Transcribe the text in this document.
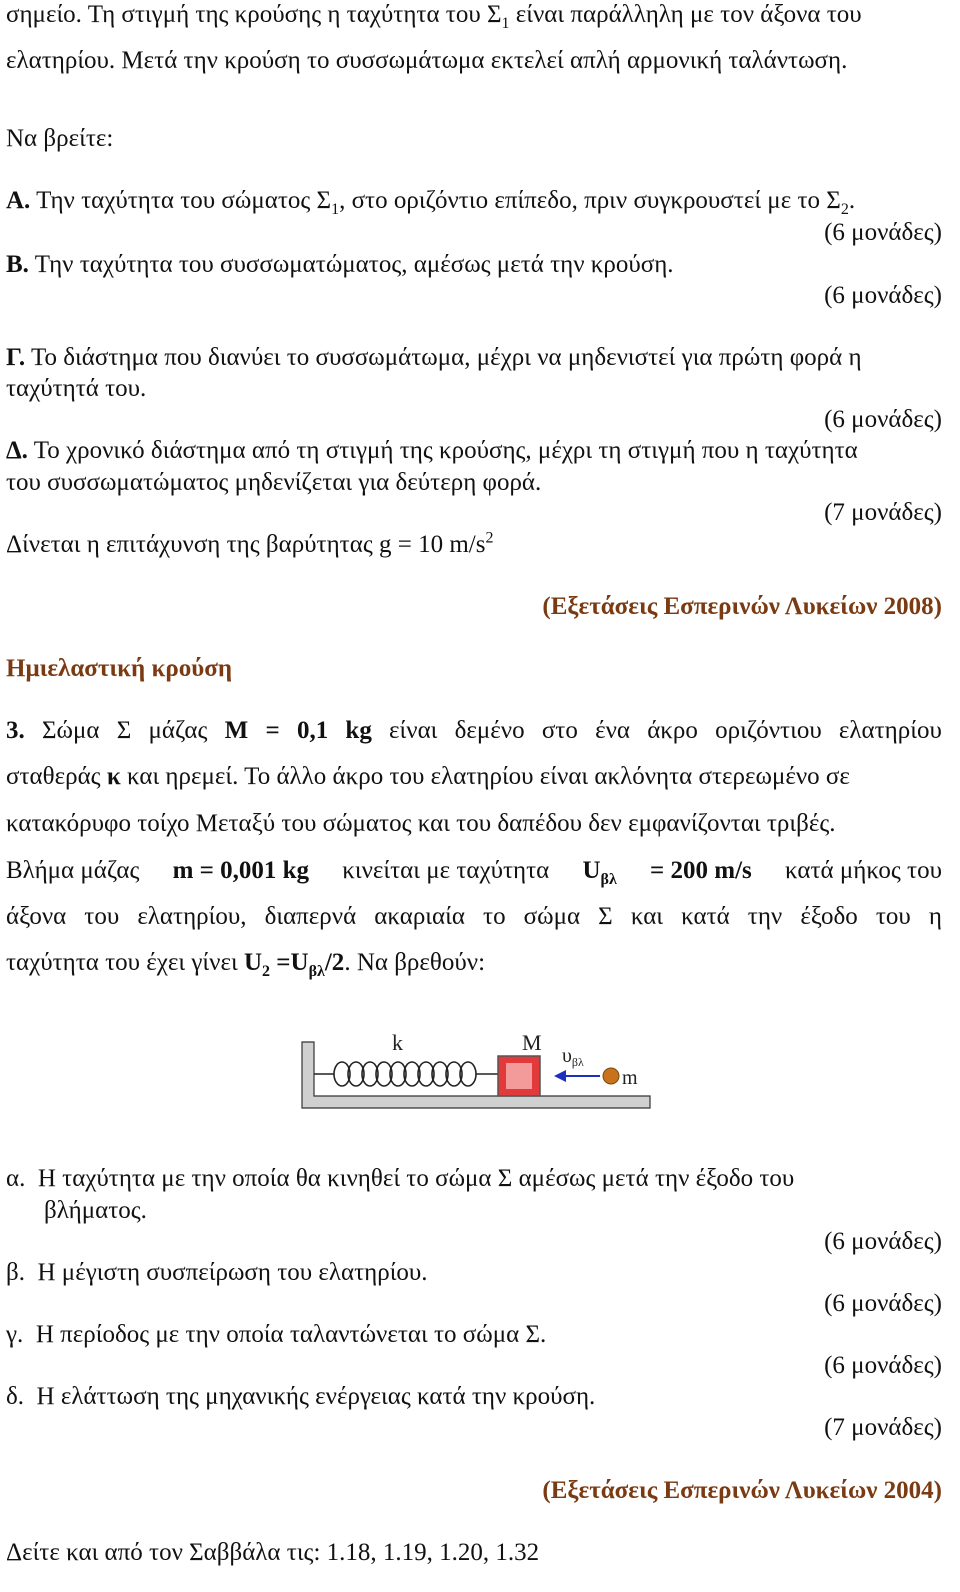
σημείο. Τη στιγμή της κρούσης η ταχύτητα του $\Sigma_1$ είναι παράλληλη με τον άξονα του
ελατηρίου. Μετά την κρούση το συσσωμάτωμα εκτελεί απλή αρμονική ταλάντωση.
Να βρείτε:
Α. Την ταχύτητα του σώματος $\Sigma_1$, στο οριζόντιο επίπεδο, πριν συγκρουστεί με το $\Sigma_2$.
(6 μονάδες)
Β. Την ταχύτητα του συσσωματώματος, αμέσως μετά την κρούση.
(6 μονάδες)
Γ. Το διάστημα που διανύει το συσσωμάτωμα, μέχρι να μηδενιστεί για πρώτη φορά η
ταχύτητά του.
(6 μονάδες)
Δ. Το χρονικό διάστημα από τη στιγμή της κρούσης, μέχρι τη στιγμή που η ταχύτητα
του συσσωματώματος μηδενίζεται για δεύτερη φορά.
(7 μονάδες)
Δίνεται η επιτάχυνση της βαρύτητας g = 10 $m/s^2$
(Εξετάσεις Εσπερινών Λυκείων 2008)
Ημιελαστική κρούση
3. Σώμα Σ μάζας M = 0,1 kg είναι δεμένο στο ένα άκρο οριζόντιου ελατηρίου
σταθεράς κ και ηρεμεί. Το άλλο άκρο του ελατηρίου είναι ακλόνητα στερεωμένο σε
κατακόρυφο τοίχο Μεταξύ του σώματος και του δαπέδου δεν εμφανίζονται τριβές.
Βλήμα μάζας m = 0,001 kg κινείται με ταχύτητα $U_{\beta\lambda} = 200$ m/s κατά μήκος του
άξονα του ελατηρίου, διαπερνά ακαριαία το σώμα Σ και κατά την έξοδο του η
ταχύτητα του έχει γίνει $U_2 =U_{\beta\lambda}/2$. Να βρεθούν:
k	M
$\upsilon_{\beta\lambda}$
m
α. Η ταχύτητα με την οποία θα κινηθεί το σώμα Σ αμέσως μετά την έξοδο του
βλήματος.
(6 μονάδες)
β. Η μέγιστη συσπείρωση του ελατηρίου.
(6 μονάδες)
γ. Η περίοδος με την οποία ταλαντώνεται το σώμα Σ.
(6 μονάδες)
δ. Η ελάττωση της μηχανικής ενέργειας κατά την κρούση.
(7 μονάδες)
(Εξετάσεις Εσπερινών Λυκείων 2004)
Δείτε και από τον Σαββάλα τις: 1.18, 1.19, 1.20, 1.32
